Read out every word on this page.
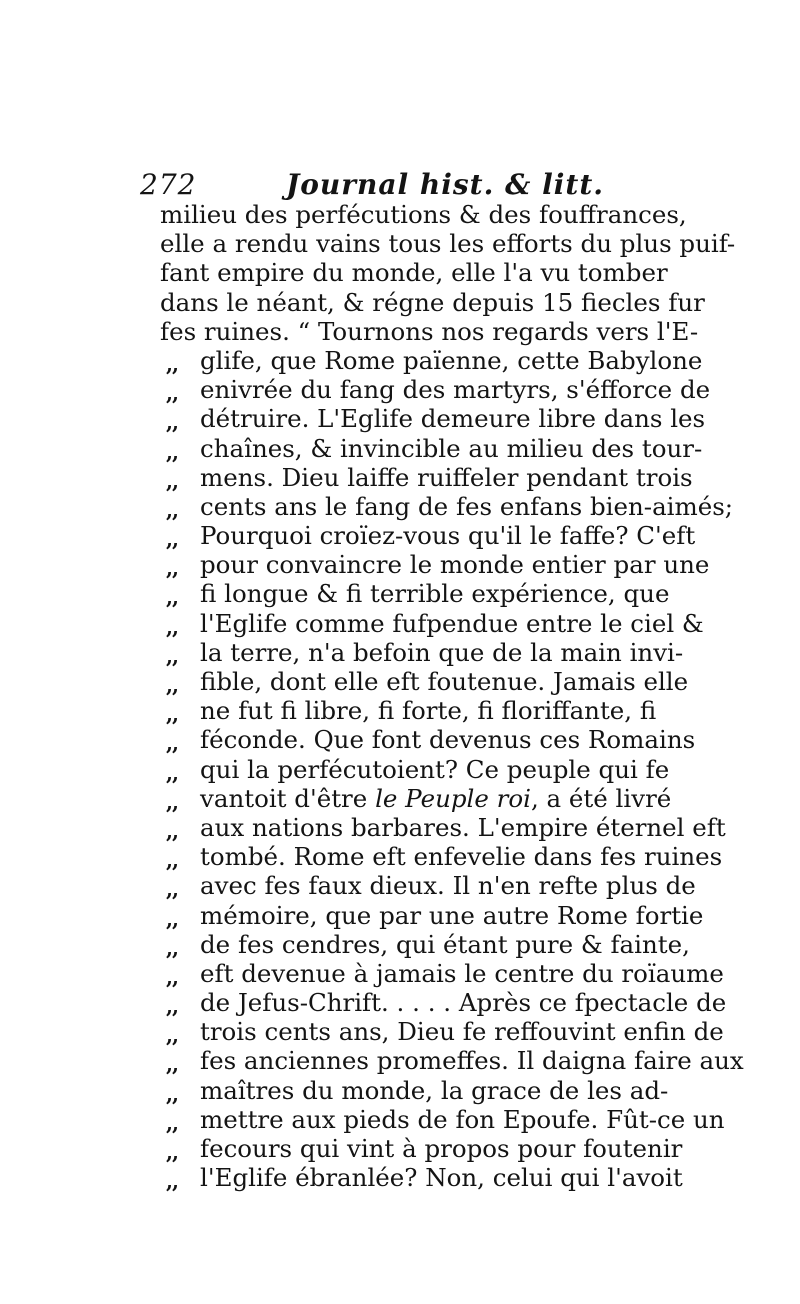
272	Journal hist. & litt.
milieu des perfécutions & des fouffrances,
elle a rendu vains tous les efforts du plus puif-
fant empire du monde, elle l'a vu tomber
dans le néant, & régne depuis 15 fiecles fur
fes ruines. “ Tournons nos regards vers l'E-
,, glife, que Rome païenne, cette Babylone
,, enivrée du fang des martyrs, s'éfforce de
,, détruire. L'Eglife demeure libre dans les
,, chaînes, & invincible au milieu des tour-
,, mens. Dieu laiffe ruiffeler pendant trois
,, cents ans le fang de fes enfans bien-aimés;
,, Pourquoi croïez-vous qu'il le faffe? C'eft
,, pour convaincre le monde entier par une
,, fi longue & fi terrible expérience, que
,, l'Eglife comme fufpendue entre le ciel &
,, la terre, n'a befoin que de la main invi-
,, fible, dont elle eft foutenue. Jamais elle
,, ne fut fi libre, fi forte, fi floriffante, fi
,, féconde. Que font devenus ces Romains
,, qui la perfécutoient? Ce peuple qui fe
,, vantoit d'être le Peuple roi, a été livré
,, aux nations barbares. L'empire éternel eft
,, tombé. Rome eft enfevelie dans fes ruines
,, avec fes faux dieux. Il n'en refte plus de
,, mémoire, que par une autre Rome fortie
,, de fes cendres, qui étant pure & fainte,
,, eft devenue à jamais le centre du roïaume
,, de Jefus-Chrift. . . . . Après ce fpectacle de
,, trois cents ans, Dieu fe reffouvint enfin de
,, fes anciennes promeffes. Il daigna faire aux
,, maîtres du monde, la grace de les ad-
,, mettre aux pieds de fon Epoufe. Fût-ce un
,, fecours qui vint à propos pour foutenir
,, l'Eglife ébranlée? Non, celui qui l'avoit
